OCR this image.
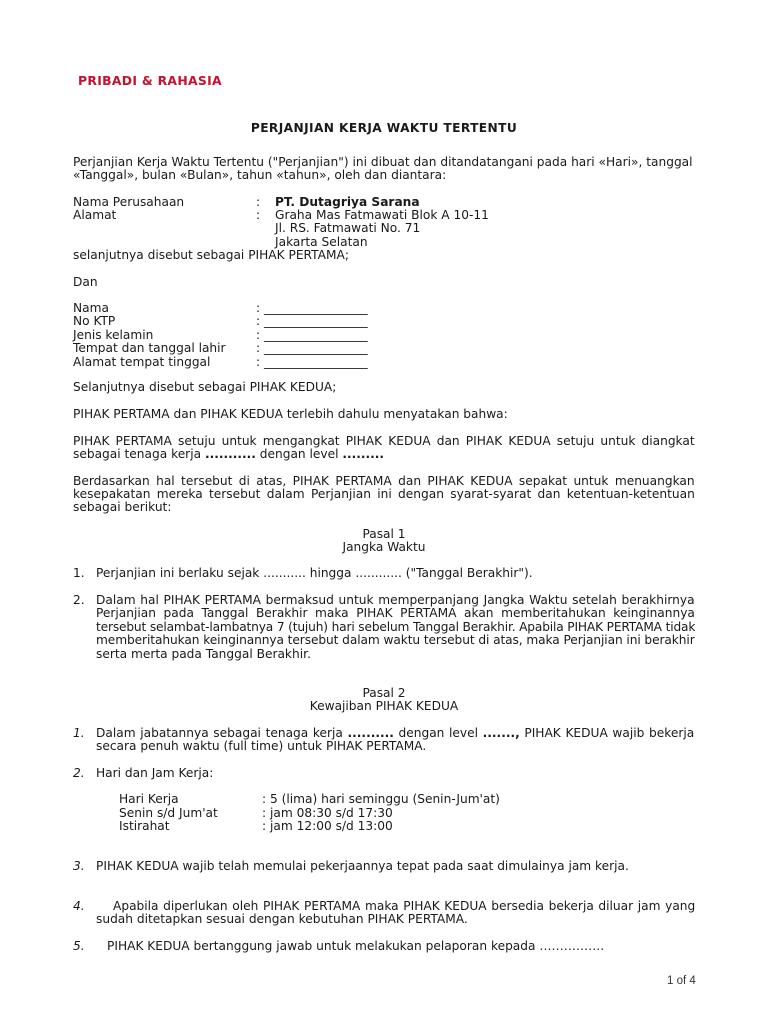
PRIBADI & RAHASIA
PERJANJIAN KERJA WAKTU TERTENTU
Perjanjian Kerja Waktu Tertentu ("Perjanjian") ini dibuat dan ditandatangani pada hari «Hari», tanggal
«Tanggal», bulan «Bulan», tahun «tahun», oleh dan diantara:
Nama Perusahaan	: PT. Dutagriya Sarana
Alamat	: Graha Mas Fatmawati Blok A 10-11
Jl. RS. Fatmawati No. 71
Jakarta Selatan
selanjutnya disebut sebagai PIHAK PERTAMA;
Dan
Nama	: _________________
No KTP	: _________________
Jenis kelamin	: _________________
Tempat dan tanggal lahir : _________________
Alamat tempat tinggal	: _________________
Selanjutnya disebut sebagai PIHAK KEDUA;
PIHAK PERTAMA dan PIHAK KEDUA terlebih dahulu menyatakan bahwa:
PIHAK PERTAMA setuju untuk mengangkat PIHAK KEDUA dan PIHAK KEDUA setuju untuk diangkat
sebagai tenaga kerja ........... dengan level .........
Berdasarkan hal tersebut di atas, PIHAK PERTAMA dan PIHAK KEDUA sepakat untuk menuangkan
kesepakatan mereka tersebut dalam Perjanjian ini dengan syarat-syarat dan ketentuan-ketentuan
sebagai berikut:
Pasal 1
Jangka Waktu
1. Perjanjian ini berlaku sejak ........... hingga ............ ("Tanggal Berakhir").
2. Dalam hal PIHAK PERTAMA bermaksud untuk memperpanjang Jangka Waktu setelah berakhirnya
Perjanjian pada Tanggal Berakhir maka PIHAK PERTAMA akan memberitahukan keinginannya
tersebut selambat-lambatnya 7 (tujuh) hari sebelum Tanggal Berakhir. Apabila PIHAK PERTAMA tidak
memberitahukan keinginannya tersebut dalam waktu tersebut di atas, maka Perjanjian ini berakhir
serta merta pada Tanggal Berakhir.
Pasal 2
Kewajiban PIHAK KEDUA
1. Dalam jabatannya sebagai tenaga kerja .......... dengan level ......., PIHAK KEDUA wajib bekerja
secara penuh waktu (full time) untuk PIHAK PERTAMA.
2. Hari dan Jam Kerja:
Hari Kerja	: 5 (lima) hari seminggu (Senin-Jum'at)
Senin s/d Jum'at	: jam 08:30 s/d 17:30
Istirahat	: jam 12:00 s/d 13:00
3. PIHAK KEDUA wajib telah memulai pekerjaannya tepat pada saat dimulainya jam kerja.
4. Apabila diperlukan oleh PIHAK PERTAMA maka PIHAK KEDUA bersedia bekerja diluar jam yang
sudah ditetapkan sesuai dengan kebutuhan PIHAK PERTAMA.
5. PIHAK KEDUA bertanggung jawab untuk melakukan pelaporan kepada …………….
1 of 4
